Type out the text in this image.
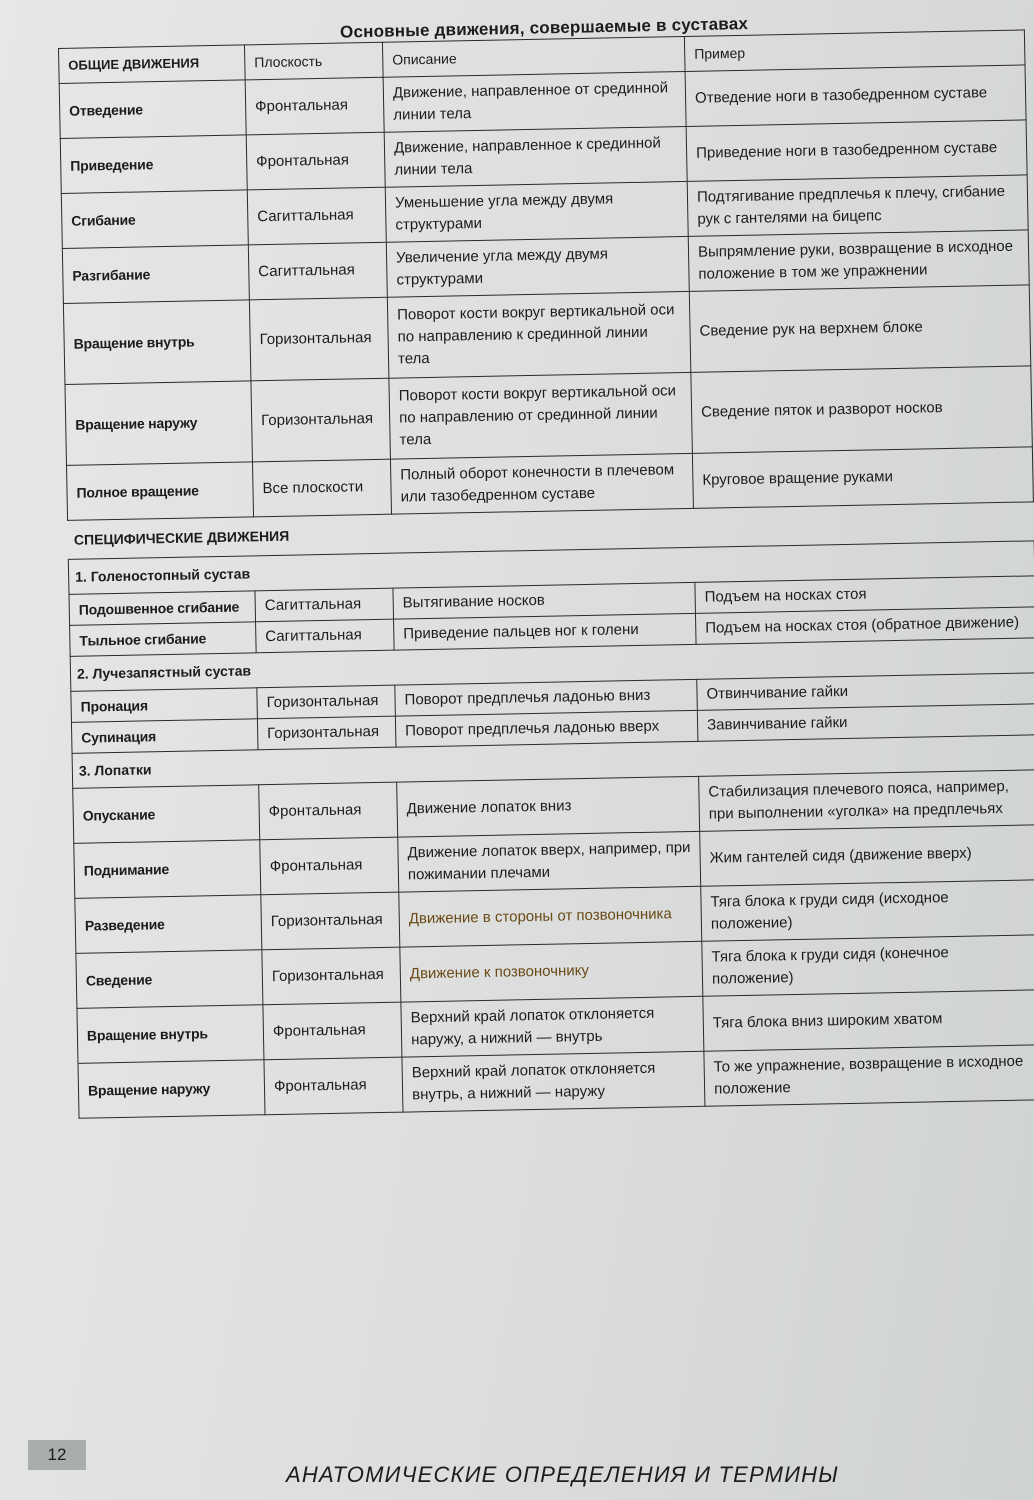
Основные движения, совершаемые в суставах
ОБЩИЕ ДВИЖЕНИЯ	Плоскость	Описание	Пример
Отведение	Фронтальная	Движение, направленное от срединной линии тела	Отведение ноги в тазобедренном суставе
Приведение	Фронтальная	Движение, направленное к срединной линии тела	Приведение ноги в тазобедренном суставе
Сгибание	Сагиттальная	Уменьшение угла между двумя структурами	Подтягивание предплечья к плечу, сгибание рук с гантелями на бицепс
Разгибание	Сагиттальная	Увеличение угла между двумя структурами	Выпрямление руки, возвращение в исходное положение в том же упражнении
Вращение внутрь	Горизонтальная	Поворот кости вокруг вертикальной оси по направлению к срединной линии тела	Сведение рук на верхнем блоке
Вращение наружу	Горизонтальная	Поворот кости вокруг вертикальной оси по направлению от срединной линии тела	Сведение пяток и разворот носков
Полное вращение	Все плоскости	Полный оборот конечности в плечевом или тазобедренном суставе	Круговое вращение руками
СПЕЦИФИЧЕСКИЕ ДВИЖЕНИЯ			
1. Голеностопный сустав			
Подошвенное сгибание	Сагиттальная	Вытягивание носков	Подъем на носках стоя
Тыльное сгибание	Сагиттальная	Приведение пальцев ног к голени	Подъем на носках стоя (обратное движение)
2. Лучезапястный сустав			
Пронация	Горизонтальная	Поворот предплечья ладонью вниз	Отвинчивание гайки
Супинация	Горизонтальная	Поворот предплечья ладонью вверх	Завинчивание гайки
3. Лопатки			
Опускание	Фронтальная	Движение лопаток вниз	Стабилизация плечевого пояса, например, при выполнении «уголка» на предплечьях
Поднимание	Фронтальная	Движение лопаток вверх, например, при пожимании плечами	Жим гантелей сидя (движение вверх)
Разведение	Горизонтальная	Движение в стороны от позвоночника	Тяга блока к груди сидя (исходное положение)
Сведение	Горизонтальная	Движение к позвоночнику	Тяга блока к груди сидя (конечное положение)
Вращение внутрь	Фронтальная	Верхний край лопаток отклоняется наружу, а нижний — внутрь	Тяга блока вниз широким хватом
Вращение наружу	Фронтальная	Верхний край лопаток отклоняется внутрь, а нижний — наружу	То же упражнение, возвращение в исходное положение
12
АНАТОМИЧЕСКИЕ ОПРЕДЕЛЕНИЯ И ТЕРМИНЫ
